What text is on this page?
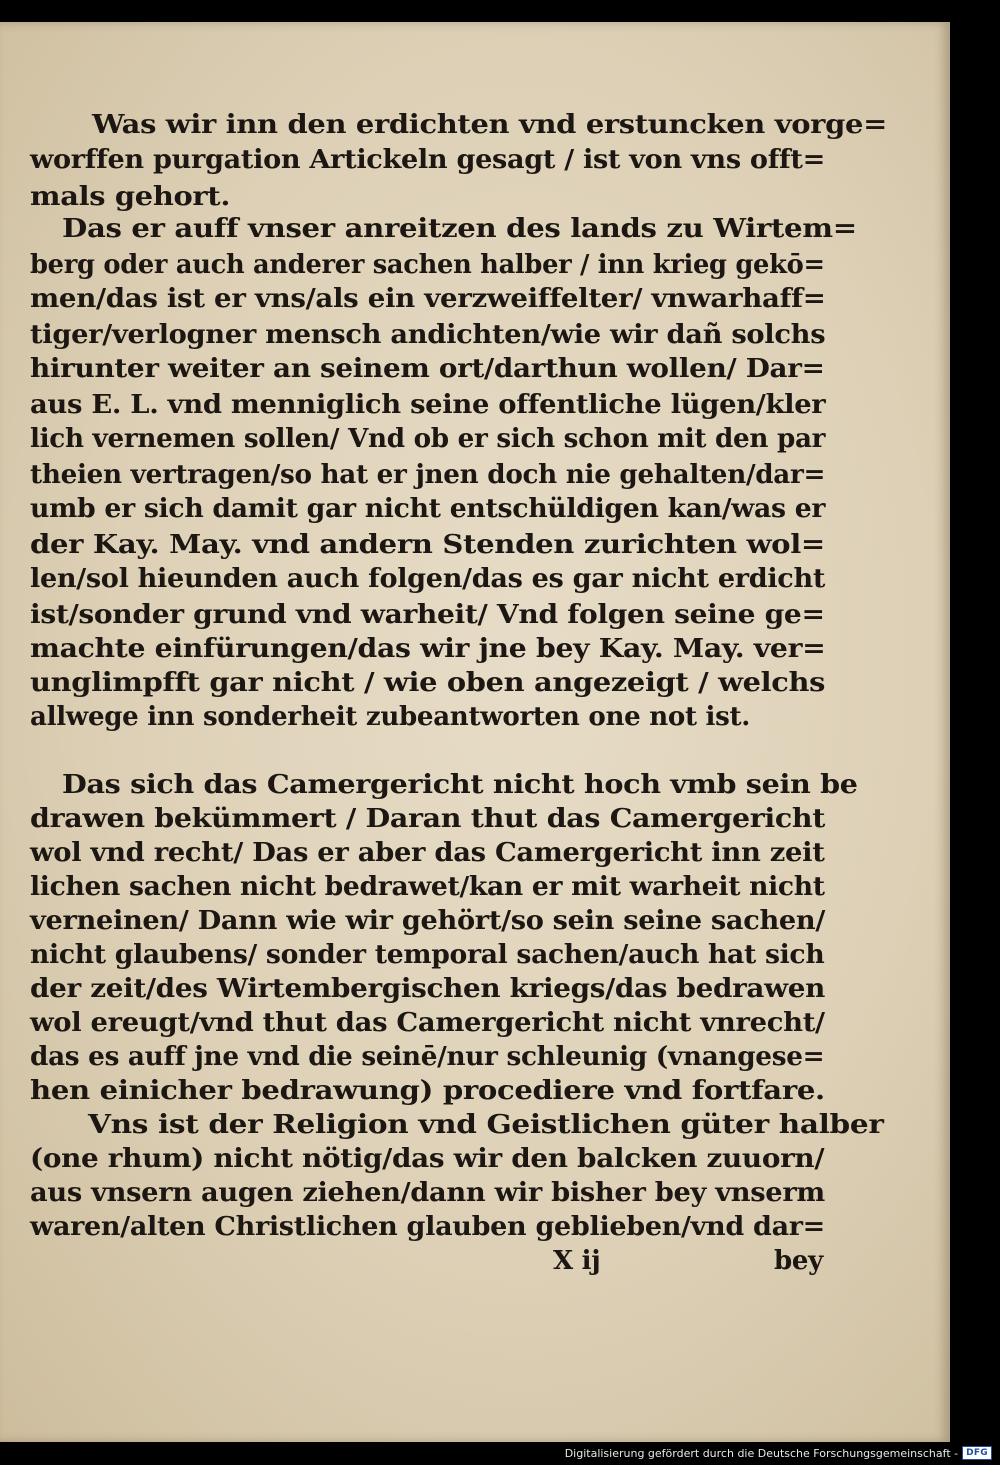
Was wir inn den erdichten vnd erstuncken vorge=
worffen purgation Artickeln gesagt / ist von vns offt=
mals gehort.
Das er auff vnser anreitzen des lands zu Wirtem=
berg oder auch anderer sachen halber / inn krieg gekō=
men/das ist er vns/als ein verzweiffelter/ vnwarhaff=
tiger/verlogner mensch andichten/wie wir dañ solchs
hirunter weiter an seinem ort/darthun wollen/ Dar=
aus E. L. vnd menniglich seine offentliche lügen/kler
lich vernemen sollen/ Vnd ob er sich schon mit den par
theien vertragen/so hat er jnen doch nie gehalten/dar=
umb er sich damit gar nicht entschüldigen kan/was er
der Kay. May. vnd andern Stenden zurichten wol=
len/sol hieunden auch folgen/das es gar nicht erdicht
ist/sonder grund vnd warheit/ Vnd folgen seine ge=
machte einfürungen/das wir jne bey Kay. May. ver=
unglimpfft gar nicht / wie oben angezeigt / welchs
allwege inn sonderheit zubeantworten one not ist.
Das sich das Camergericht nicht hoch vmb sein be
drawen bekümmert / Daran thut das Camergericht
wol vnd recht/ Das er aber das Camergericht inn zeit
lichen sachen nicht bedrawet/kan er mit warheit nicht
verneinen/ Dann wie wir gehört/so sein seine sachen/
nicht glaubens/ sonder temporal sachen/auch hat sich
der zeit/des Wirtembergischen kriegs/das bedrawen
wol ereugt/vnd thut das Camergericht nicht vnrecht/
das es auff jne vnd die seinē/nur schleunig (vnangese=
hen einicher bedrawung) procediere vnd fortfare.
Vns ist der Religion vnd Geistlichen güter halber
(one rhum) nicht nötig/das wir den balcken zuuorn/
aus vnsern augen ziehen/dann wir bisher bey vnserm
waren/alten Christlichen glauben geblieben/vnd dar=
X ij	bey
Digitalisierung gefördert durch die Deutsche Forschungsgemeinschaft - DFG
